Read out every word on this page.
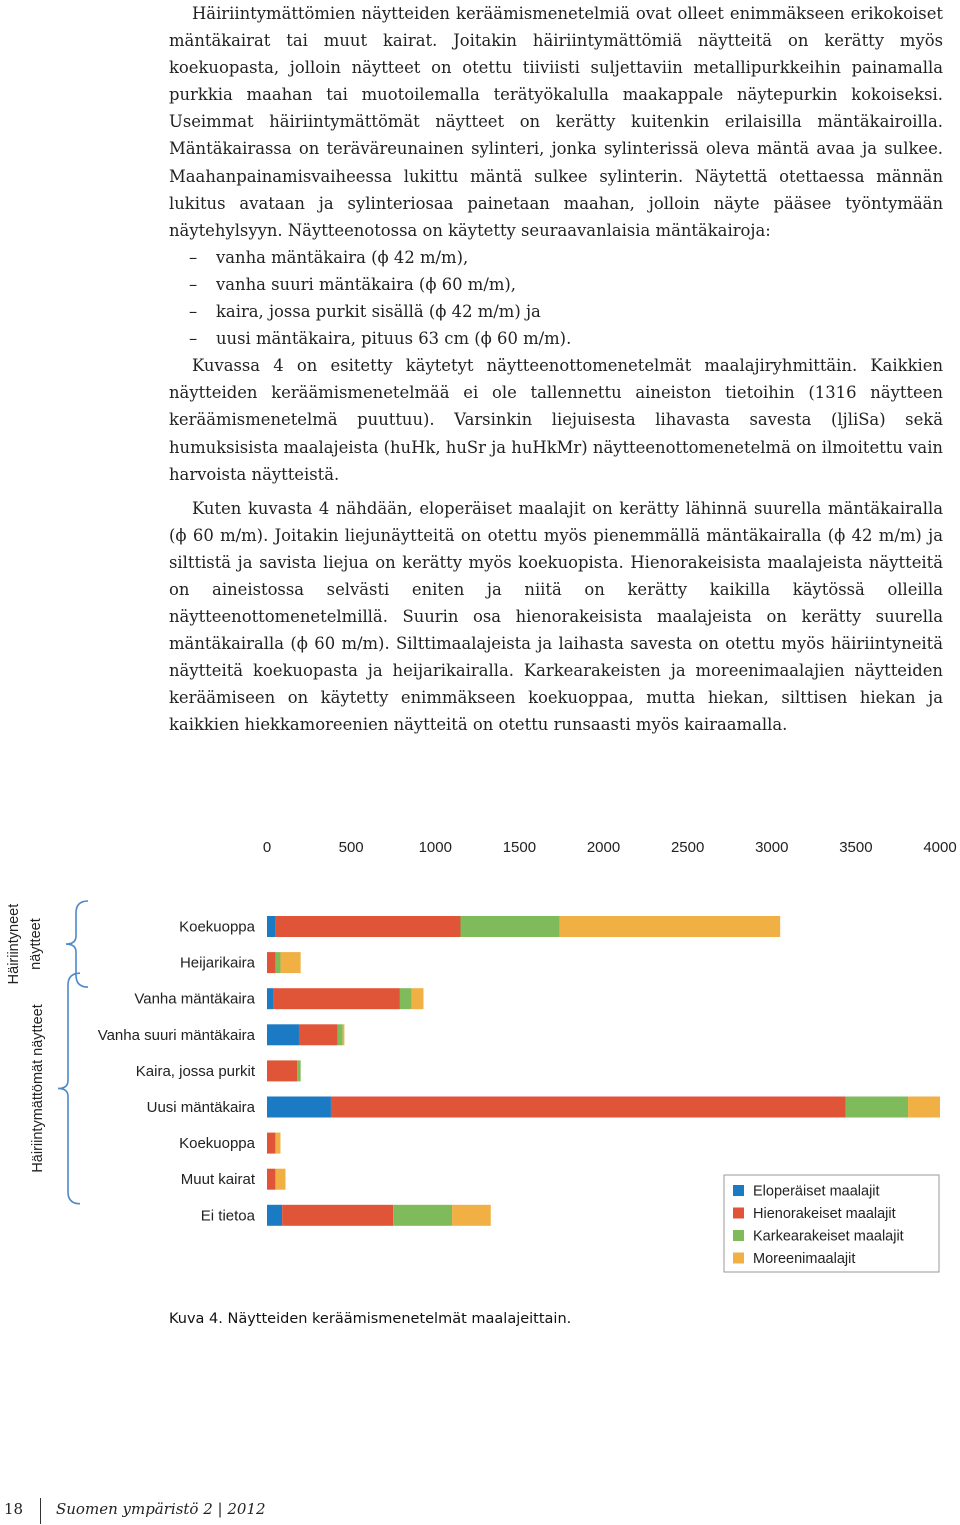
Häiriintymättömien näytteiden keräämismenetelmiä ovat olleet enimmäkseen erikokoiset mäntäkairat tai muut kairat. Joitakin häiriintymättömiä näytteitä on kerätty myös koekuopasta, jolloin näytteet on otettu tiiviisti suljettaviin metallipurkkeihin painamalla purkkia maahan tai muotoilemalla terätyökalulla maakappale näytepurkin kokoiseksi. Useimmat häiriintymättömät näytteet on kerätty kuitenkin erilaisilla mäntäkairoilla. Mäntäkairassa on teräväreunainen sylinteri, jonka sylinterissä oleva mäntä avaa ja sulkee. Maahanpainamisvaiheessa lukittu mäntä sulkee sylinterin. Näytettä otettaessa männän lukitus avataan ja sylinteriosaa painetaan maahan, jolloin näyte pääsee työntymään näytehylsyyn. Näytteenotossa on käytetty seuraavanlaisia mäntäkairoja:

– vanha mäntäkaira (ϕ 42 m/m),
– vanha suuri mäntäkaira (ϕ 60 m/m),
– kaira, jossa purkit sisällä (ϕ 42 m/m) ja
– uusi mäntäkaira, pituus 63 cm (ϕ 60 m/m).

Kuvassa 4 on esitetty käytetyt näytteenottomenetelmät maalajiryhmittäin. Kaikkien näytteiden keräämismenetelmää ei ole tallennettu aineiston tietoihin (1316 näytteen keräämismenetelmä puuttuu). Varsinkin liejuisesta lihavasta savesta (ljliSa) sekä humuksisista maalajeista (huHk, huSr ja huHkMr) näytteenottomenetelmä on ilmoitettu vain harvoista näytteistä.

Kuten kuvasta 4 nähdään, eloperäiset maalajit on kerätty lähinnä suurella mäntäkairalla (ϕ 60 m/m). Joitakin liejunäytteitä on otettu myös pienemmällä mäntäkairalla (ϕ 42 m/m) ja silttistä ja savista liejua on kerätty myös koekuopista. Hienorakeisista maalajeista näytteitä on aineistossa selvästi eniten ja niitä on kerätty kaikilla käytössä olleilla näytteenottomenetelmillä. Suurin osa hienorakeisista maalajeista on kerätty suurella mäntäkairalla (ϕ 60 m/m). Silttimaalajeista ja laihasta savesta on otettu myös häiriintyneitä näytteitä koekuopasta ja heijarikairalla. Karkearakeisten ja moreenimaalajien näytteiden keräämiseen on käytetty enimmäkseen koekuoppaa, mutta hiekan, silttisen hiekan ja kaikkien hiekkamoreenien näytteitä on otettu runsaasti myös kairaamalla.

0	500	1000	1500	2000	2500	3000	3500	4000
Koekuoppa
Heijarikaira
Vanha mäntäkaira
Vanha suuri mäntäkaira
Kaira, jossa purkit
Uusi mäntäkaira
Koekuoppa
Muut kairat
Ei tietoa
Häiriintyneet näytteet
Häiriintymättömät näytteet
Eloperäiset maalajit
Hienorakeiset maalajit
Karkearakeiset maalajit
Moreenimaalajit
Kuva 4. Näytteiden keräämismenetelmät maalajeittain.
18 Suomen ympäristö 2 | 2012
